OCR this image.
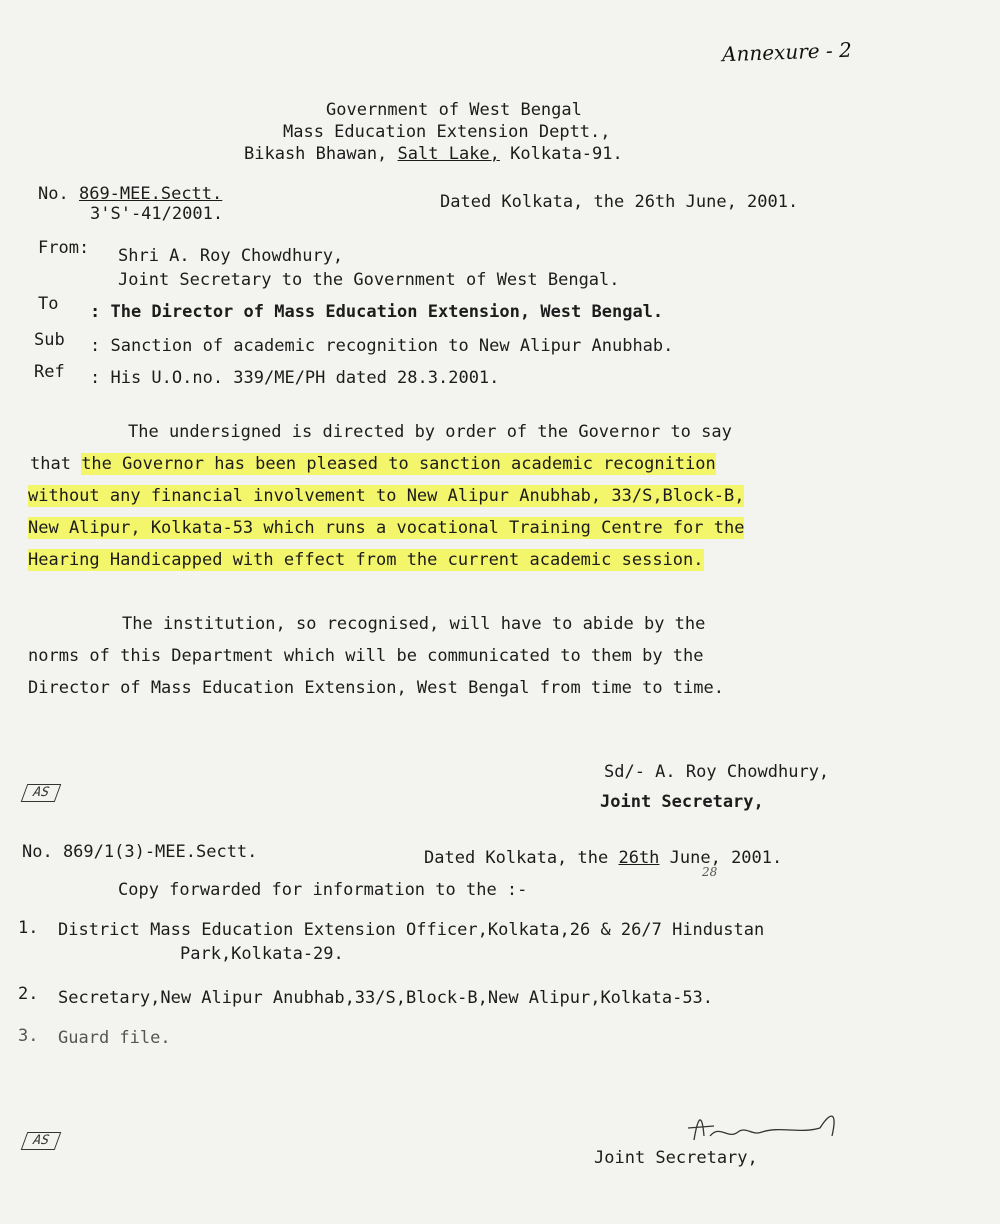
Annexure - 2
Government of West Bengal
Mass Education Extension Deptt.,
Bikash Bhawan, Salt Lake, Kolkata-91.
No. 869-MEE.Sectt.
3'S'-41/2001.
Dated Kolkata, the 26th June, 2001.
From: Shri A. Roy Chowdhury,
Joint Secretary to the Government of West Bengal.
To : The Director of Mass Education Extension, West Bengal.
Sub : Sanction of academic recognition to New Alipur Anubhab.
Ref : His U.O.no. 339/ME/PH dated 28.3.2001.
The undersigned is directed by order of the Governor to say
that the Governor has been pleased to sanction academic recognition
without any financial involvement to New Alipur Anubhab, 33/S,Block-B,
New Alipur, Kolkata-53 which runs a vocational Training Centre for the
Hearing Handicapped with effect from the current academic session.
The institution, so recognised, will have to abide by the
norms of this Department which will be communicated to them by the
Director of Mass Education Extension, West Bengal from time to time.
AS
Sd/- A. Roy Chowdhury,
Joint Secretary,
No. 869/1(3)-MEE.Sectt.	Dated Kolkata, the 26th June, 2001.
28
Copy forwarded for information to the :-
1. District Mass Education Extension Officer,Kolkata,26 & 26/7 Hindustan
Park,Kolkata-29.
2. Secretary,New Alipur Anubhab,33/S,Block-B,New Alipur,Kolkata-53.
3. Guard file.
AS
Joint Secretary,
